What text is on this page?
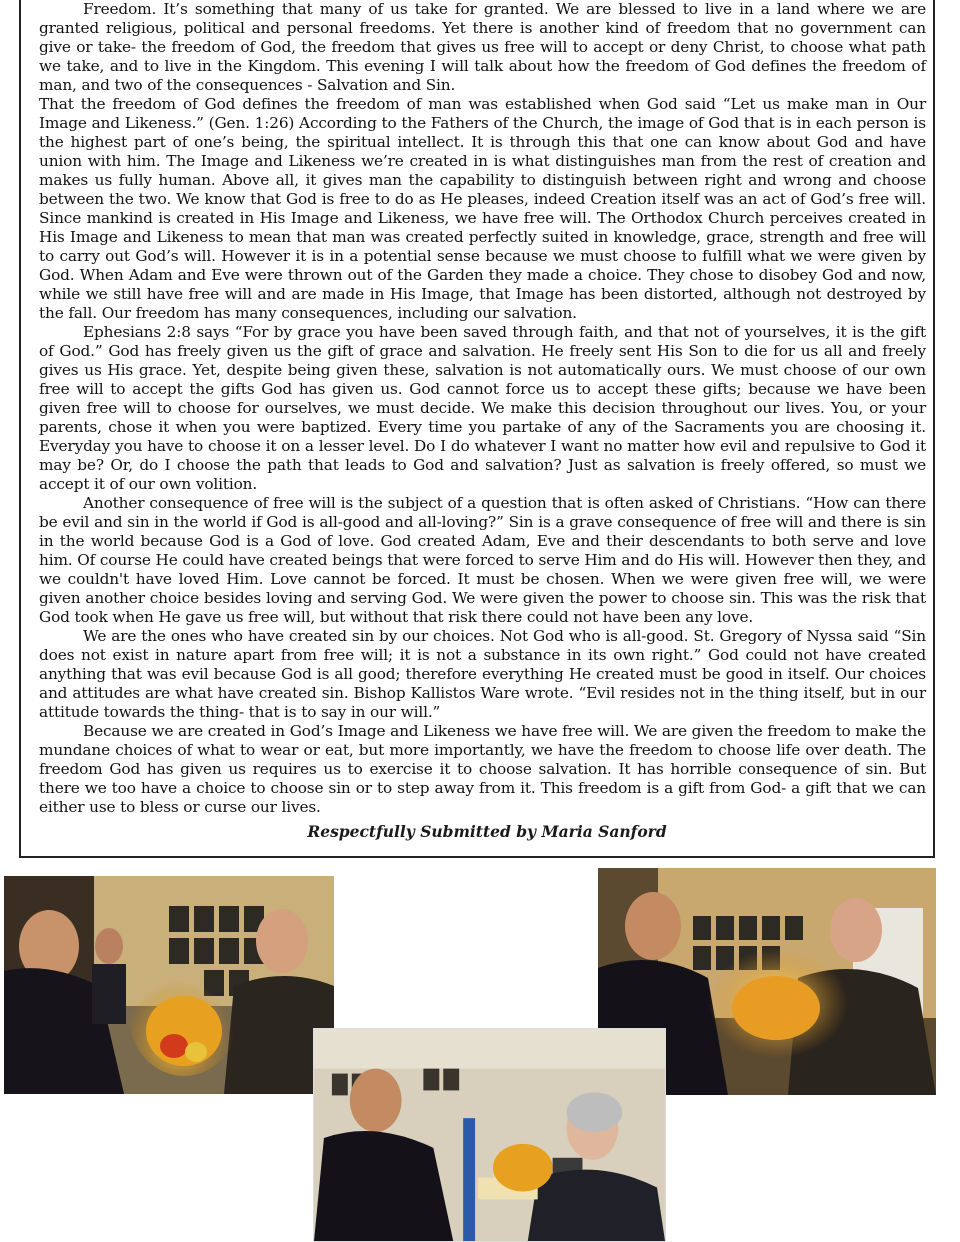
Freedom. It’s something that many of us take for granted. We are blessed to live in a land where we are granted religious, political and personal freedoms. Yet there is another kind of freedom that no government can give or take- the freedom of God, the freedom that gives us free will to accept or deny Christ, to choose what path we take, and to live in the Kingdom. This evening I will talk about how the freedom of God defines the freedom of man, and two of the consequences - Salvation and Sin.

That the freedom of God defines the freedom of man was established when God said “Let us make man in Our Image and Likeness.” (Gen. 1:26) According to the Fathers of the Church, the image of God that is in each person is the highest part of one’s being, the spiritual intellect. It is through this that one can know about God and have union with him. The Image and Likeness we’re created in is what distinguishes man from the rest of creation and makes us fully human. Above all, it gives man the capability to distinguish between right and wrong and choose between the two. We know that God is free to do as He pleases, indeed Creation itself was an act of God’s free will. Since mankind is created in His Image and Likeness, we have free will. The Orthodox Church perceives created in His Image and Likeness to mean that man was created perfectly suited in knowledge, grace, strength and free will to carry out God’s will. However it is in a potential sense because we must choose to fulfill what we were given by God. When Adam and Eve were thrown out of the Garden they made a choice. They chose to disobey God and now, while we still have free will and are made in His Image, that Image has been distorted, although not destroyed by the fall. Our freedom has many consequences, including our salvation.

Ephesians 2:8 says “For by grace you have been saved through faith, and that not of yourselves, it is the gift of God.” God has freely given us the gift of grace and salvation. He freely sent His Son to die for us all and freely gives us His grace. Yet, despite being given these, salvation is not automatically ours. We must choose of our own free will to accept the gifts God has given us. God cannot force us to accept these gifts; because we have been given free will to choose for ourselves, we must decide. We make this decision throughout our lives. You, or your parents, chose it when you were baptized. Every time you partake of any of the Sacraments you are choosing it. Everyday you have to choose it on a lesser level. Do I do whatever I want no matter how evil and repulsive to God it may be? Or, do I choose the path that leads to God and salvation? Just as salvation is freely offered, so must we accept it of our own volition.

Another consequence of free will is the subject of a question that is often asked of Christians. “How can there be evil and sin in the world if God is all-good and all-loving?” Sin is a grave consequence of free will and there is sin in the world because God is a God of love. God created Adam, Eve and their descendants to both serve and love him. Of course He could have created beings that were forced to serve Him and do His will. However then they, and we couldn't have loved Him. Love cannot be forced. It must be chosen. When we were given free will, we were given another choice besides loving and serving God. We were given the power to choose sin. This was the risk that God took when He gave us free will, but without that risk there could not have been any love.

We are the ones who have created sin by our choices. Not God who is all-good. St. Gregory of Nyssa said “Sin does not exist in nature apart from free will; it is not a substance in its own right.” God could not have created anything that was evil because God is all good; therefore everything He created must be good in itself. Our choices and attitudes are what have created sin. Bishop Kallistos Ware wrote. “Evil resides not in the thing itself, but in our attitude towards the thing- that is to say in our will.”

Because we are created in God’s Image and Likeness we have free will. We are given the freedom to make the mundane choices of what to wear or eat, but more importantly, we have the freedom to choose life over death. The freedom God has given us requires us to exercise it to choose salvation. It has horrible consequence of sin. But there we too have a choice to choose sin or to step away from it. This freedom is a gift from God- a gift that we can either use to bless or curse our lives.

Respectfully Submitted by Maria Sanford
